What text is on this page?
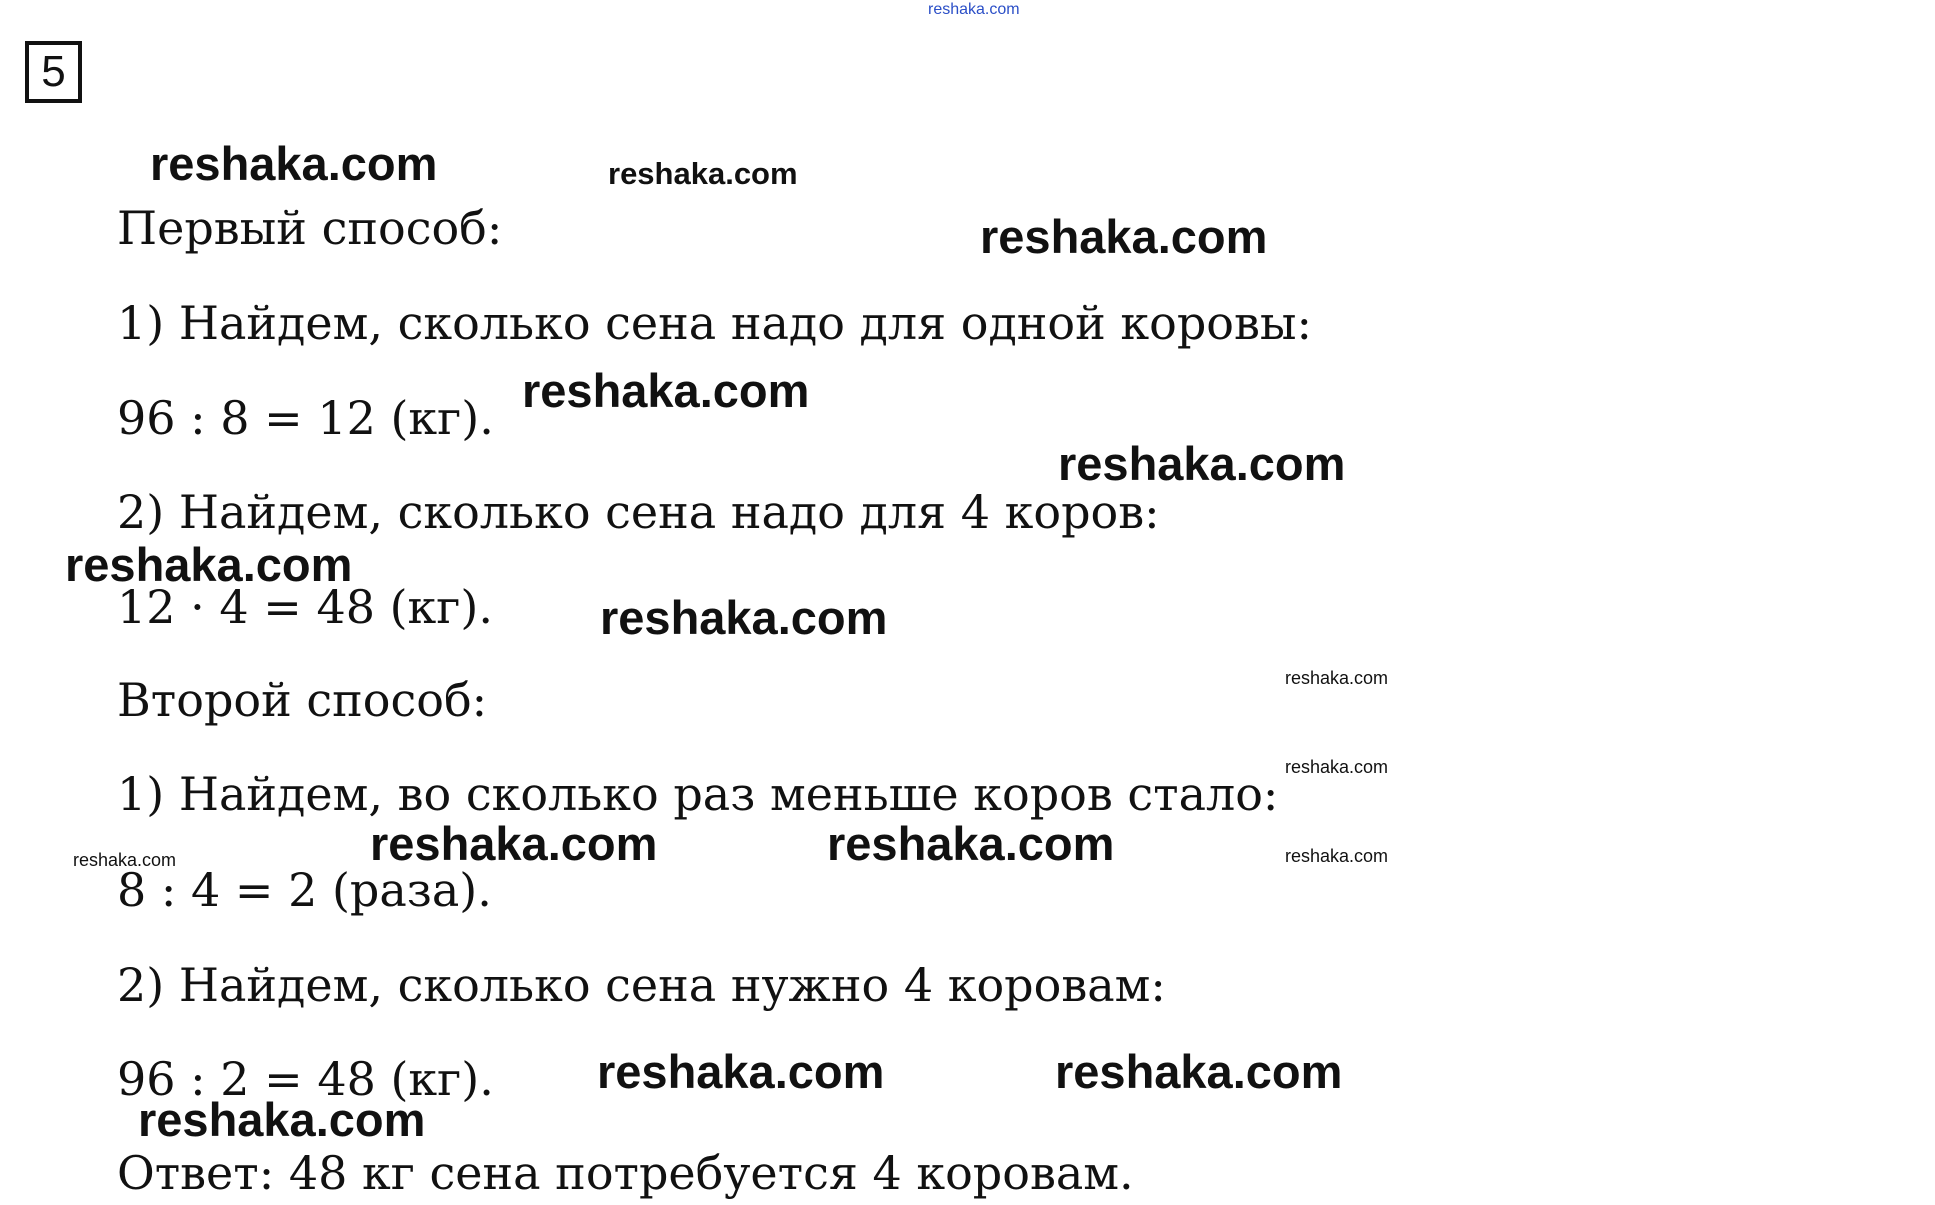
reshaka.com
5
Первый способ:
1) Найдем, сколько сена надо для одной коровы:
96 : 8 = 12 (кг).
2) Найдем, сколько сена надо для 4 коров:
12 · 4 = 48 (кг).
Второй способ:
1) Найдем, во сколько раз меньше коров стало:
8 : 4 = 2 (раза).
2) Найдем, сколько сена нужно 4 коровам:
96 : 2 = 48 (кг).
Ответ: 48 кг сена потребуется 4 коровам.
reshaka.com	reshaka.com
reshaka.com
reshaka.com
reshaka.com
reshaka.com
reshaka.com
reshaka.com
reshaka.com
reshaka.com	reshaka.com
reshaka.com	reshaka.com
reshaka.com	reshaka.com
reshaka.com
